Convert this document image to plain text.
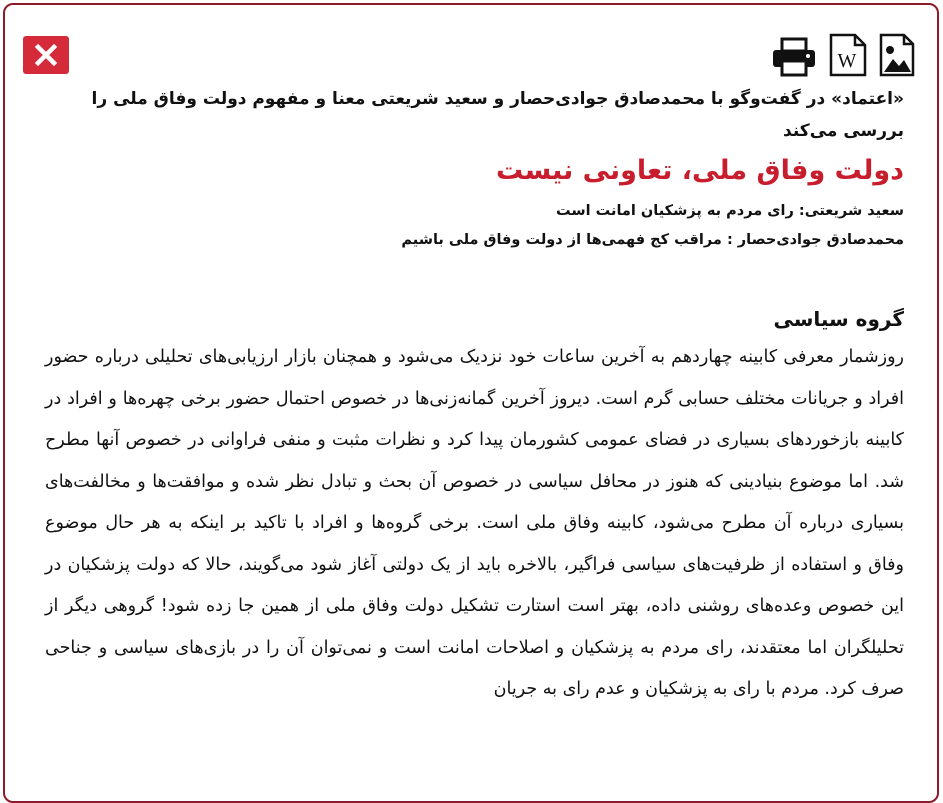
W

«اعتماد» در گفت‌وگو با محمدصادق جوادی‌حصار و سعید شریعتی معنا و مفهوم دولت وفاق ملی را بررسی می‌کند

دولت وفاق ملی، تعاونی نیست

سعید شریعتی: رای مردم به پزشکیان امانت است

محمدصادق جوادی‌حصار : مراقب کج فهمی‌ها از دولت وفاق ملی باشیم

گروه سیاسی

روزشمار معرفی کابینه چهاردهم به آخرین ساعات خود نزدیک می‌شود و همچنان بازار ارزیابی‌های تحلیلی درباره حضور افراد و جریانات مختلف حسابی گرم است. دیروز آخرین گمانه‌زنی‌ها در خصوص احتمال حضور برخی چهره‌ها و افراد در کابینه بازخوردهای بسیاری در فضای عمومی کشورمان پیدا کرد و نظرات مثبت و منفی فراوانی در خصوص آنها مطرح شد. اما موضوع بنیادینی که هنوز در محافل سیاسی در خصوص آن بحث و تبادل نظر شده و موافقت‌ها و مخالفت‌های بسیاری درباره آن مطرح می‌شود، کابینه وفاق ملی است. برخی گروه‌ها و افراد با تاکید بر اینکه به هر حال موضوع وفاق و استفاده از ظرفیت‌های سیاسی فراگیر، بالاخره باید از یک دولتی آغاز شود می‌گویند، حالا که دولت پزشکیان در این خصوص وعده‌های روشنی داده، بهتر است استارت تشکیل دولت وفاق ملی از همین جا زده شود! گروهی دیگر از تحلیلگران اما معتقدند، رای مردم به پزشکیان و اصلاحات امانت است و نمی‌توان آن را در بازی‌های سیاسی و جناحی صرف کرد. مردم با رای به پزشکیان و عدم رای به جریان
